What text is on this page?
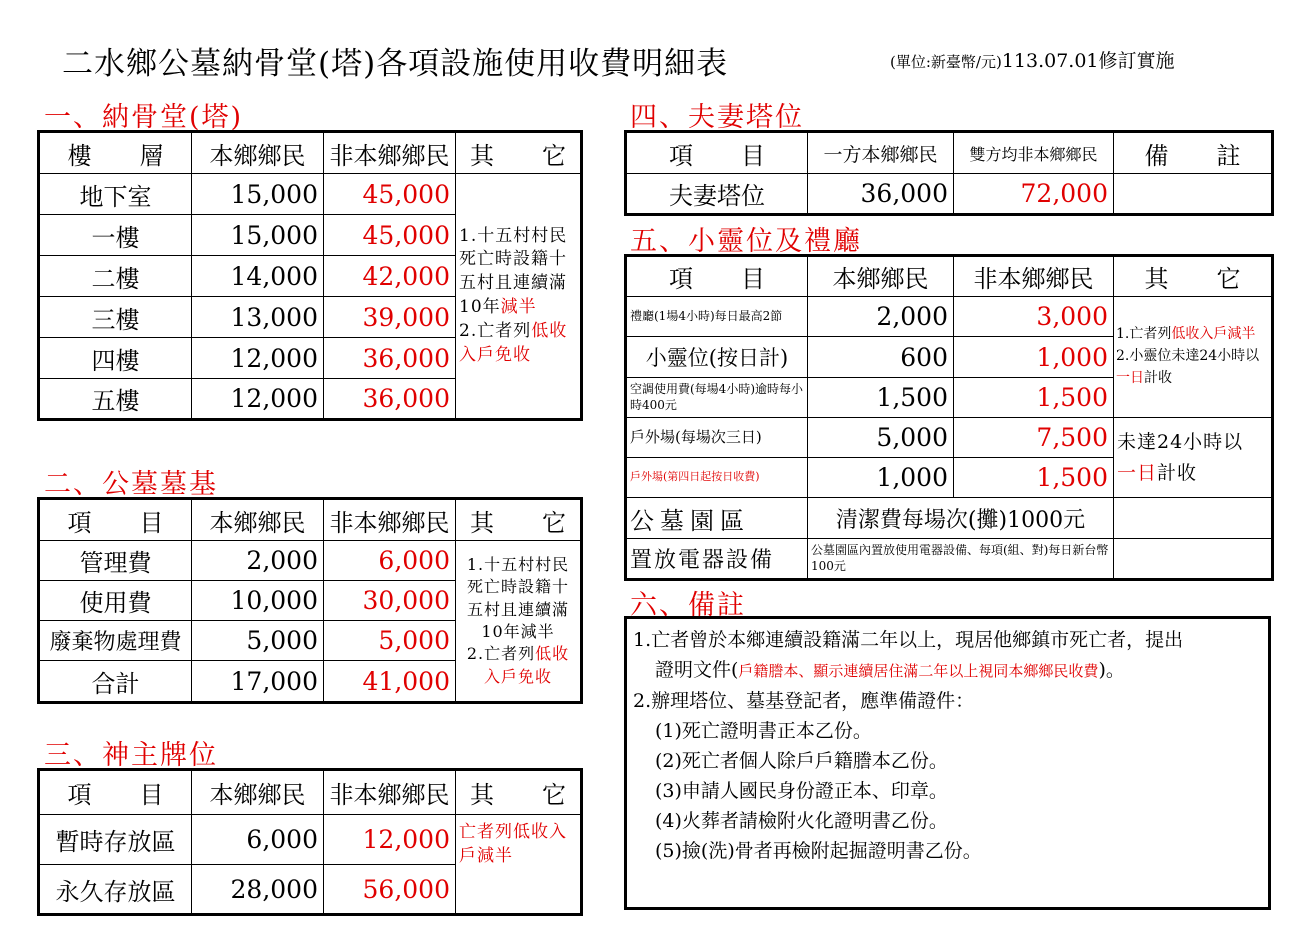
二水鄉公墓納骨堂(塔)各項設施使用收費明細表	(單位:新臺幣/元)113.07.01修訂實施
一、納骨堂(塔)
樓　　層	本鄉鄉民	非本鄉鄉民	其　　它
地下室	15,000	45,000	1.十五村村民死亡時設籍十五村且連續滿10年減半
2.亡者列低收入戶免收
一樓	15,000	45,000	
二樓	14,000	42,000	
三樓	13,000	39,000	
四樓	12,000	36,000	
五樓	12,000	36,000	
二、公墓墓基
項　　目	本鄉鄉民	非本鄉鄉民	其　　它
管理費	2,000	6,000	1.十五村村民死亡時設籍十五村且連續滿10年減半
2.亡者列低收入戶免收
使用費	10,000	30,000	
廢棄物處理費	5,000	5,000	
合計	17,000	41,000	
三、神主牌位
項　　目	本鄉鄉民	非本鄉鄉民	其　　它
暫時存放區	6,000	12,000	亡者列低收入戶減半
永久存放區	28,000	56,000	
四、夫妻塔位
項　　目	一方本鄉鄉民	雙方均非本鄉鄉民	備　　註
夫妻塔位	36,000	72,000	
五、小靈位及禮廳
項　　目	本鄉鄉民	非本鄉鄉民	其　　它
禮廳(1場4小時)每日最高2節	2,000	3,000	1.亡者列低收入戶減半
2.小靈位未達24小時以一日計收
小靈位(按日計)	600	1,000	
空調使用費(每場4小時)逾時每小時400元	1,500	1,500	
戶外場(每場次三日)	5,000	7,500	未達24小時以
一日計收
戶外場(第四日起按日收費)	1,000	1,500	
公墓園區	清潔費每場次(攤)1000元		
置放電器設備	公墓園區內置放使用電器設備、每項(組、對)每日新台幣100元		
六、備註
1.亡者曾於本鄉連續設籍滿二年以上，現居他鄉鎮市死亡者，提出
證明文件(戶籍謄本、顯示連續居住滿二年以上視同本鄉鄉民收費)。
2.辦理塔位、墓基登記者，應準備證件：
(1)死亡證明書正本乙份。
(2)死亡者個人除戶戶籍謄本乙份。
(3)申請人國民身份證正本、印章。
(4)火葬者請檢附火化證明書乙份。
(5)撿(洗)骨者再檢附起掘證明書乙份。
